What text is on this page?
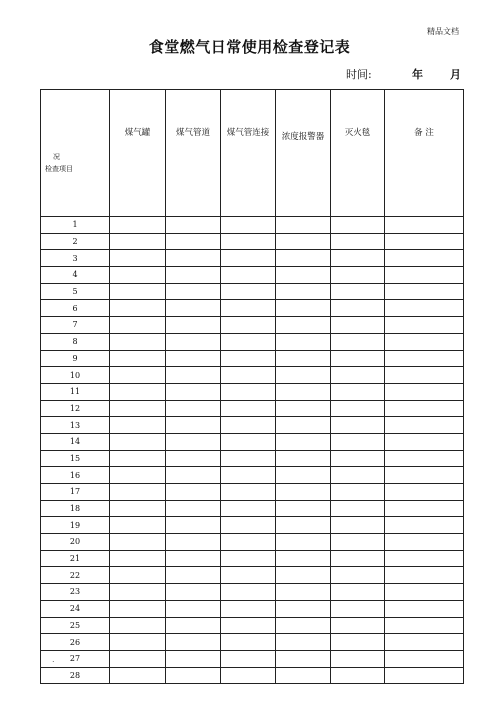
精品文档
食堂燃气日常使用检查登记表
时间:	年 月
况
检查项目	煤气罐	煤气管道	煤气管连接	浓度报警器	灭火毯	备 注
1						
2						
3						
4						
5						
6						
7						
8						
9						
10						
11						
12						
13						
14						
15						
16						
17						
18						
19						
20						
21						
22						
23						
24						
25						
26						
27						
28						
.
